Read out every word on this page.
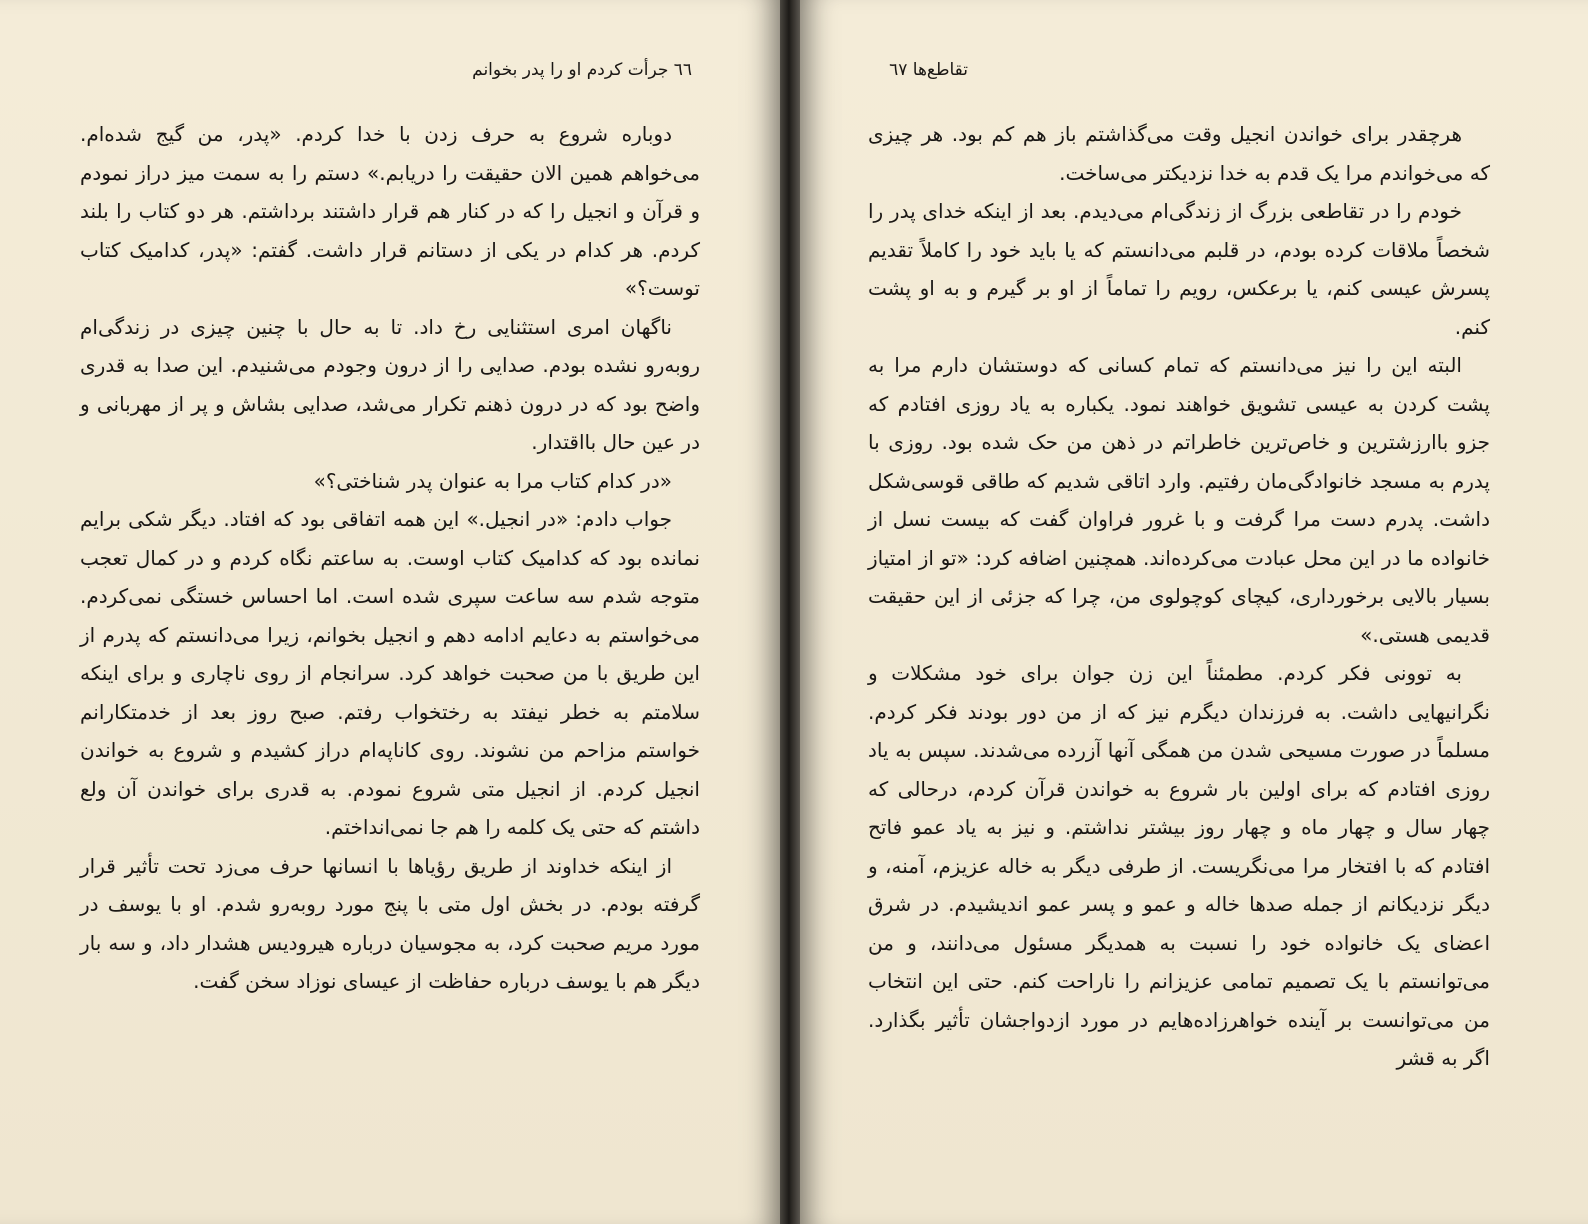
٦٦ جرأت کردم او را پدر بخوانم

دوباره شروع به حرف زدن با خدا کردم. «پدر، من گیج شده‌ام. می‌خواهم همین الان حقیقت را دریابم.» دستم را به سمت میز دراز نمودم و قرآن و انجیل را که در کنار هم قرار داشتند برداشتم. هر دو کتاب را بلند کردم. هر کدام در یکی از دستانم قرار داشت. گفتم: «پدر، کدامیک کتاب توست؟»

ناگهان امری استثنایی رخ داد. تا به حال با چنین چیزی در زندگی‌ام روبه‌رو نشده بودم. صدایی را از درون وجودم می‌شنیدم. این صدا به قدری واضح بود که در درون ذهنم تکرار می‌شد، صدایی بشاش و پر از مهربانی و در عین حال بااقتدار.

«در کدام کتاب مرا به عنوان پدر شناختی؟»

جواب دادم: «در انجیل.» این همه اتفاقی بود که افتاد. دیگر شکی برایم نمانده بود که کدامیک کتاب اوست. به ساعتم نگاه کردم و در کمال تعجب متوجه شدم سه ساعت سپری شده است. اما احساس خستگی نمی‌کردم. می‌خواستم به دعایم ادامه دهم و انجیل بخوانم، زیرا می‌دانستم که پدرم از این طریق با من صحبت خواهد کرد. سرانجام از روی ناچاری و برای اینکه سلامتم به خطر نیفتد به رختخواب رفتم. صبح روز بعد از خدمتکارانم خواستم مزاحم من نشوند. روی کاناپه‌ام دراز کشیدم و شروع به خواندن انجیل کردم. از انجیل متی شروع نمودم. به قدری برای خواندن آن ولع داشتم که حتی یک کلمه را هم جا نمی‌انداختم.

از اینکه خداوند از طریق رؤیاها با انسانها حرف می‌زد تحت تأثیر قرار گرفته بودم. در بخش اول متی با پنج مورد روبه‌رو شدم. او با یوسف در مورد مریم صحبت کرد، به مجوسیان درباره هیرودیس هشدار داد، و سه بار دیگر هم با یوسف درباره حفاظت از عیسای نوزاد سخن گفت.

تقاطع‌ها ٦٧

هرچقدر برای خواندن انجیل وقت می‌گذاشتم باز هم کم بود. هر چیزی که می‌خواندم مرا یک قدم به خدا نزدیکتر می‌ساخت.

خودم را در تقاطعی بزرگ از زندگی‌ام می‌دیدم. بعد از اینکه خدای پدر را شخصاً ملاقات کرده بودم، در قلبم می‌دانستم که یا باید خود را کاملاً تقدیم پسرش عیسی کنم، یا برعکس، رویم را تماماً از او بر گیرم و به او پشت کنم.

البته این را نیز می‌دانستم که تمام کسانی که دوستشان دارم مرا به پشت کردن به عیسی تشویق خواهند نمود. یکباره به یاد روزی افتادم که جزو باارزشترین و خاص‌ترین خاطراتم در ذهن من حک شده بود. روزی با پدرم به مسجد خانوادگی‌مان رفتیم. وارد اتاقی شدیم که طاقی قوسی‌شکل داشت. پدرم دست مرا گرفت و با غرور فراوان گفت که بیست نسل از خانواده ما در این محل عبادت می‌کرده‌اند. همچنین اضافه کرد: «تو از امتیاز بسیار بالایی برخورداری، کیچای کوچولوی من، چرا که جزئی از این حقیقت قدیمی هستی.»

به توونی فکر کردم. مطمئناً این زن جوان برای خود مشکلات و نگرانیهایی داشت. به فرزندان دیگرم نیز که از من دور بودند فکر کردم. مسلماً در صورت مسیحی شدن من همگی آنها آزرده می‌شدند. سپس به یاد روزی افتادم که برای اولین بار شروع به خواندن قرآن کردم، درحالی که چهار سال و چهار ماه و چهار روز بیشتر نداشتم. و نیز به یاد عمو فاتح افتادم که با افتخار مرا می‌نگریست. از طرفی دیگر به خاله عزیزم، آمنه، و دیگر نزدیکانم از جمله صدها خاله و عمو و پسر عمو اندیشیدم. در شرق اعضای یک خانواده خود را نسبت به همدیگر مسئول می‌دانند، و من می‌توانستم با یک تصمیم تمامی عزیزانم را ناراحت کنم. حتی این انتخاب من می‌توانست بر آینده خواهرزاده‌هایم در مورد ازدواجشان تأثیر بگذارد. اگر به قشر
